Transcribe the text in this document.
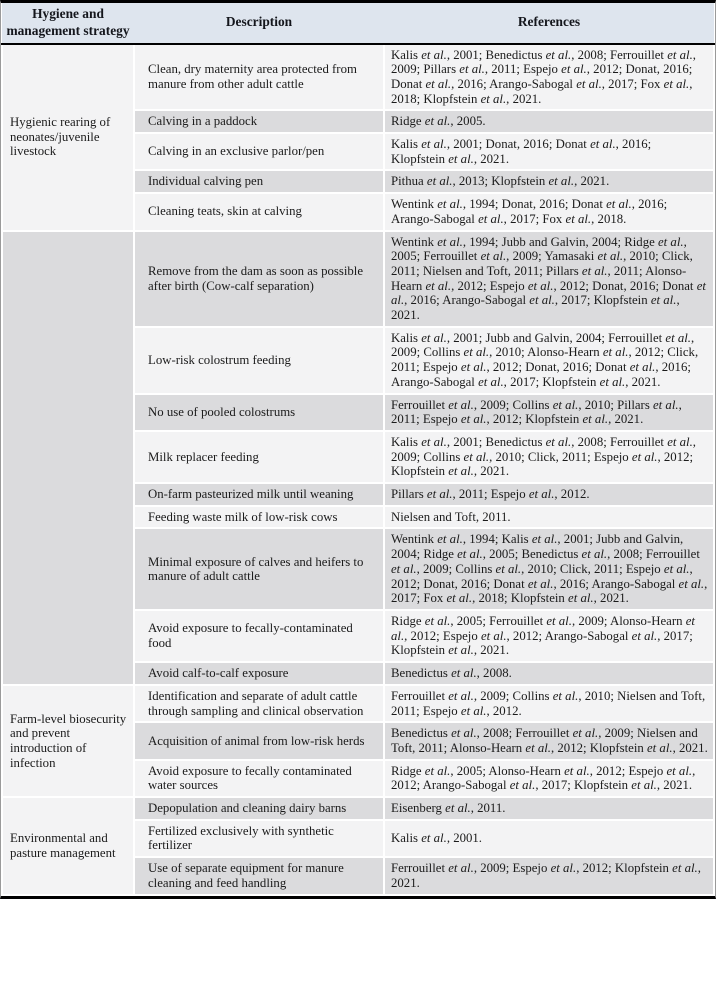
Hygiene and management strategy	Description	References
Hygienic rearing of neonates/juvenile livestock	Clean, dry maternity area protected from manure from other adult cattle	Kalis et al., 2001; Benedictus et al., 2008; Ferrouillet et al., 2009; Pillars et al., 2011; Espejo et al., 2012; Donat, 2016; Donat et al., 2016; Arango-Sabogal et al., 2017; Fox et al., 2018; Klopfstein et al., 2021.
	Calving in a paddock	Ridge et al., 2005.
	Calving in an exclusive parlor/pen	Kalis et al., 2001; Donat, 2016; Donat et al., 2016; Klopfstein et al., 2021.
	Individual calving pen	Pithua et al., 2013; Klopfstein et al., 2021.
	Cleaning teats, skin at calving	Wentink et al., 1994; Donat, 2016; Donat et al., 2016; Arango-Sabogal et al., 2017; Fox et al., 2018.
	Remove from the dam as soon as possible after birth (Cow-calf separation)	Wentink et al., 1994; Jubb and Galvin, 2004; Ridge et al., 2005; Ferrouillet et al., 2009; Yamasaki et al., 2010; Click, 2011; Nielsen and Toft, 2011; Pillars et al., 2011; Alonso-Hearn et al., 2012; Espejo et al., 2012; Donat, 2016; Donat et al., 2016; Arango-Sabogal et al., 2017; Klopfstein et al., 2021.
	Low-risk colostrum feeding	Kalis et al., 2001; Jubb and Galvin, 2004; Ferrouillet et al., 2009; Collins et al., 2010; Alonso-Hearn et al., 2012; Click, 2011; Espejo et al., 2012; Donat, 2016; Donat et al., 2016; Arango-Sabogal et al., 2017; Klopfstein et al., 2021.
	No use of pooled colostrums	Ferrouillet et al., 2009; Collins et al., 2010; Pillars et al., 2011; Espejo et al., 2012; Klopfstein et al., 2021.
	Milk replacer feeding	Kalis et al., 2001; Benedictus et al., 2008; Ferrouillet et al., 2009; Collins et al., 2010; Click, 2011; Espejo et al., 2012; Klopfstein et al., 2021.
	On-farm pasteurized milk until weaning	Pillars et al., 2011; Espejo et al., 2012.
	Feeding waste milk of low-risk cows	Nielsen and Toft, 2011.
	Minimal exposure of calves and heifers to manure of adult cattle	Wentink et al., 1994; Kalis et al., 2001; Jubb and Galvin, 2004; Ridge et al., 2005; Benedictus et al., 2008; Ferrouillet et al., 2009; Collins et al., 2010; Click, 2011; Espejo et al., 2012; Donat, 2016; Donat et al., 2016; Arango-Sabogal et al., 2017; Fox et al., 2018; Klopfstein et al., 2021.
	Avoid exposure to fecally-contaminated food	Ridge et al., 2005; Ferrouillet et al., 2009; Alonso-Hearn et al., 2012; Espejo et al., 2012; Arango-Sabogal et al., 2017; Klopfstein et al., 2021.
	Avoid calf-to-calf exposure	Benedictus et al., 2008.
Farm-level biosecurity and prevent introduction of infection	Identification and separate of adult cattle through sampling and clinical observation	Ferrouillet et al., 2009; Collins et al., 2010; Nielsen and Toft, 2011; Espejo et al., 2012.
	Acquisition of animal from low-risk herds	Benedictus et al., 2008; Ferrouillet et al., 2009; Nielsen and Toft, 2011; Alonso-Hearn et al., 2012; Klopfstein et al., 2021.
	Avoid exposure to fecally contaminated water sources	Ridge et al., 2005; Alonso-Hearn et al., 2012; Espejo et al., 2012; Arango-Sabogal et al., 2017; Klopfstein et al., 2021.
Environmental and pasture management	Depopulation and cleaning dairy barns	Eisenberg et al., 2011.
	Fertilized exclusively with synthetic fertilizer	Kalis et al., 2001.
	Use of separate equipment for manure cleaning and feed handling	Ferrouillet et al., 2009; Espejo et al., 2012; Klopfstein et al., 2021.
